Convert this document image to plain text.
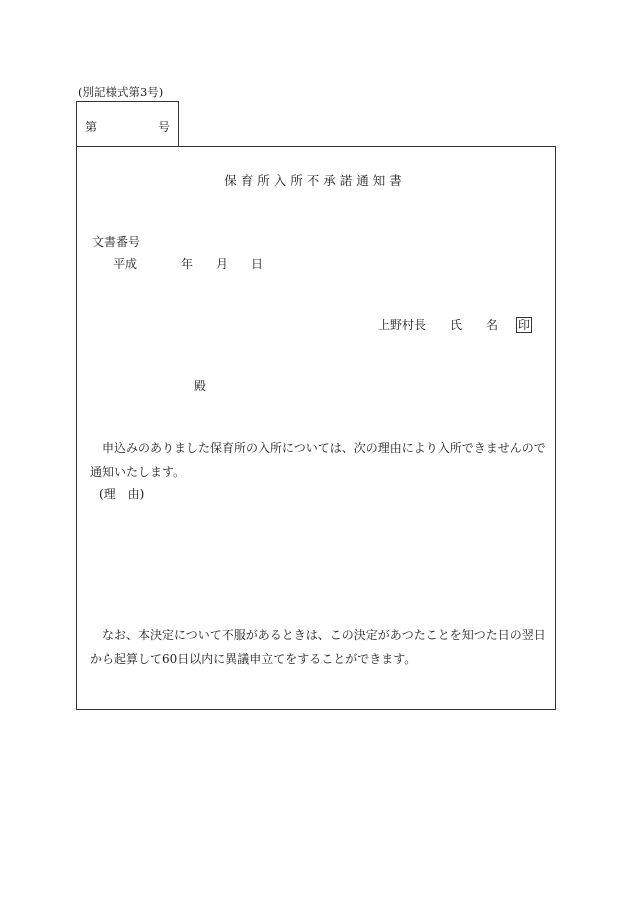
(別記様式第3号)
第	号
保育所入所不承諾通知書
文書番号
平成	年 月 日
上野村長 氏 名 印
殿
申込みのありました保育所の入所については、次の理由により入所できませんので
通知いたします。
(理　由)
なお、本決定について不服があるときは、この決定があつたことを知つた日の翌日
から起算して60日以内に異議申立てをすることができます。
